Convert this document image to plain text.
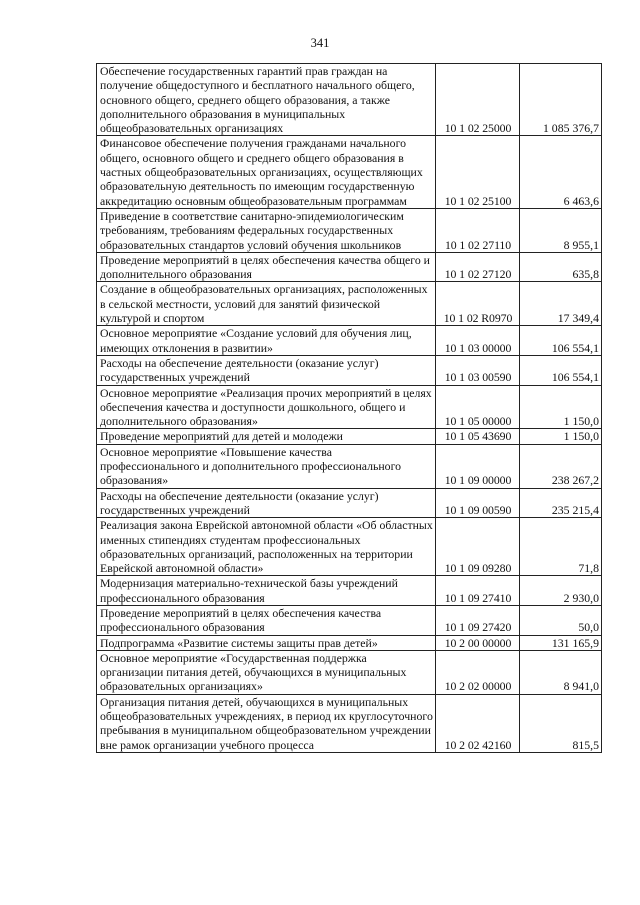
341
Обеспечение государственных гарантий прав граждан на получение общедоступного и бесплатного начального общего, основного общего, среднего общего образования, а также дополнительного образования в муниципальных общеобразовательных организациях	10 1 02 25000	1 085 376,7
Финансовое обеспечение получения гражданами начального общего, основного общего и среднего общего образования в частных общеобразовательных организациях, осуществляющих образовательную деятельность по имеющим государственную аккредитацию основным общеобразовательным программам	10 1 02 25100	6 463,6
Приведение в соответствие санитарно-эпидемиологическим требованиям, требованиям федеральных государственных образовательных стандартов условий обучения школьников	10 1 02 27110	8 955,1
Проведение мероприятий в целях обеспечения качества общего и дополнительного образования	10 1 02 27120	635,8
Создание в общеобразовательных организациях, расположенных в сельской местности, условий для занятий физической культурой и спортом	10 1 02 R0970	17 349,4
Основное мероприятие «Создание условий для обучения лиц, имеющих отклонения в развитии»	10 1 03 00000	106 554,1
Расходы на обеспечение деятельности (оказание услуг) государственных учреждений	10 1 03 00590	106 554,1
Основное мероприятие «Реализация прочих мероприятий в целях обеспечения качества и доступности дошкольного, общего и дополнительного образования»	10 1 05 00000	1 150,0
Проведение мероприятий для детей и молодежи	10 1 05 43690	1 150,0
Основное мероприятие «Повышение качества профессионального и дополнительного профессионального образования»	10 1 09 00000	238 267,2
Расходы на обеспечение деятельности (оказание услуг) государственных учреждений	10 1 09 00590	235 215,4
Реализация закона Еврейской автономной области «Об областных именных стипендиях студентам профессиональных образовательных организаций, расположенных на территории Еврейской автономной области»	10 1 09 09280	71,8
Модернизация материально-технической базы учреждений профессионального образования	10 1 09 27410	2 930,0
Проведение мероприятий в целях обеспечения качества профессионального образования	10 1 09 27420	50,0
Подпрограмма «Развитие системы защиты прав детей»	10 2 00 00000	131 165,9
Основное мероприятие «Государственная поддержка организации питания детей, обучающихся в муниципальных образовательных организациях»	10 2 02 00000	8 941,0
Организация питания детей, обучающихся в муниципальных общеобразовательных учреждениях, в период их круглосуточного пребывания в муниципальном общеобразовательном учреждении вне рамок организации учебного процесса	10 2 02 42160	815,5
